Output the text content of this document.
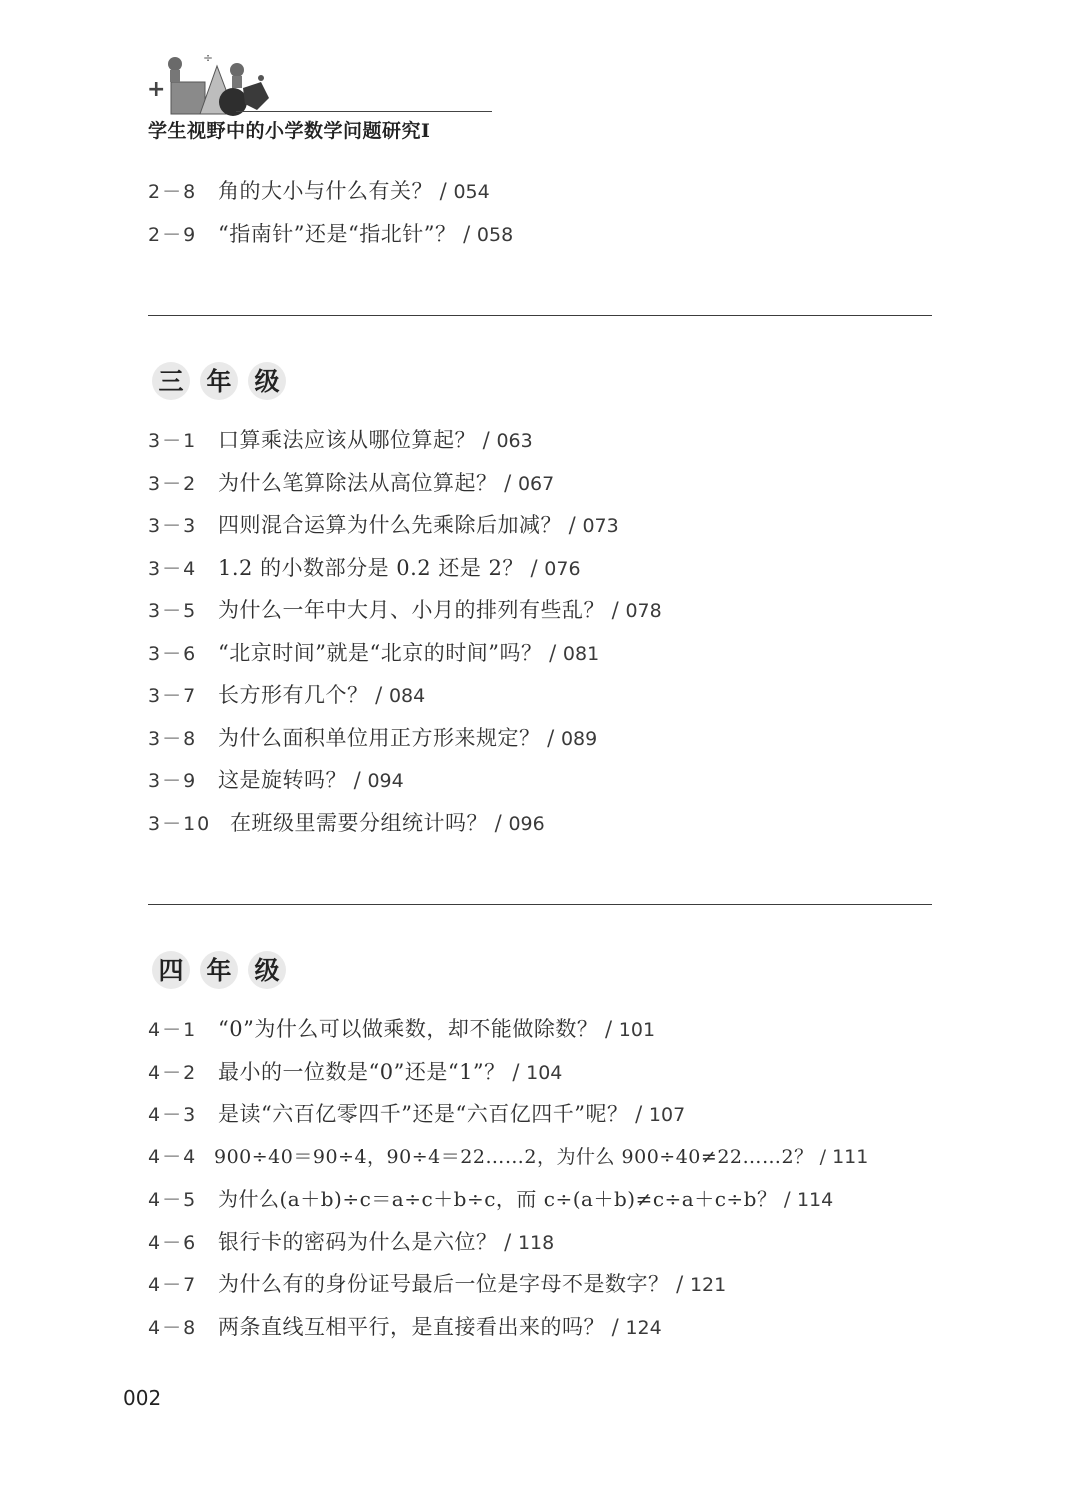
+
÷
学生视野中的小学数学问题研究Ⅰ
2－8 角的大小与什么有关？ / 054
2－9 “指南针”还是“指北针”？ / 058
三 年 级
3－1 口算乘法应该从哪位算起？ / 063
3－2 为什么笔算除法从高位算起？ / 067
3－3 四则混合运算为什么先乘除后加减？ / 073
3－4 1.2 的小数部分是 0.2 还是 2？ / 076
3－5 为什么一年中大月、小月的排列有些乱？ / 078
3－6 “北京时间”就是“北京的时间”吗？ / 081
3－7 长方形有几个？ / 084
3－8 为什么面积单位用正方形来规定？ / 089
3－9 这是旋转吗？ / 094
3－10 在班级里需要分组统计吗？ / 096
四 年 级
4－1 “0”为什么可以做乘数，却不能做除数？ / 101
4－2 最小的一位数是“0”还是“1”？ / 104
4－3 是读“六百亿零四千”还是“六百亿四千”呢？ / 107
4－4 900÷40＝90÷4，90÷4＝22……2，为什么 900÷40≠22……2？ / 111
4－5 为什么(a＋b)÷c＝a÷c＋b÷c，而 c÷(a＋b)≠c÷a＋c÷b？ / 114
4－6 银行卡的密码为什么是六位？ / 118
4－7 为什么有的身份证号最后一位是字母不是数字？ / 121
4－8 两条直线互相平行，是直接看出来的吗？ / 124
002
